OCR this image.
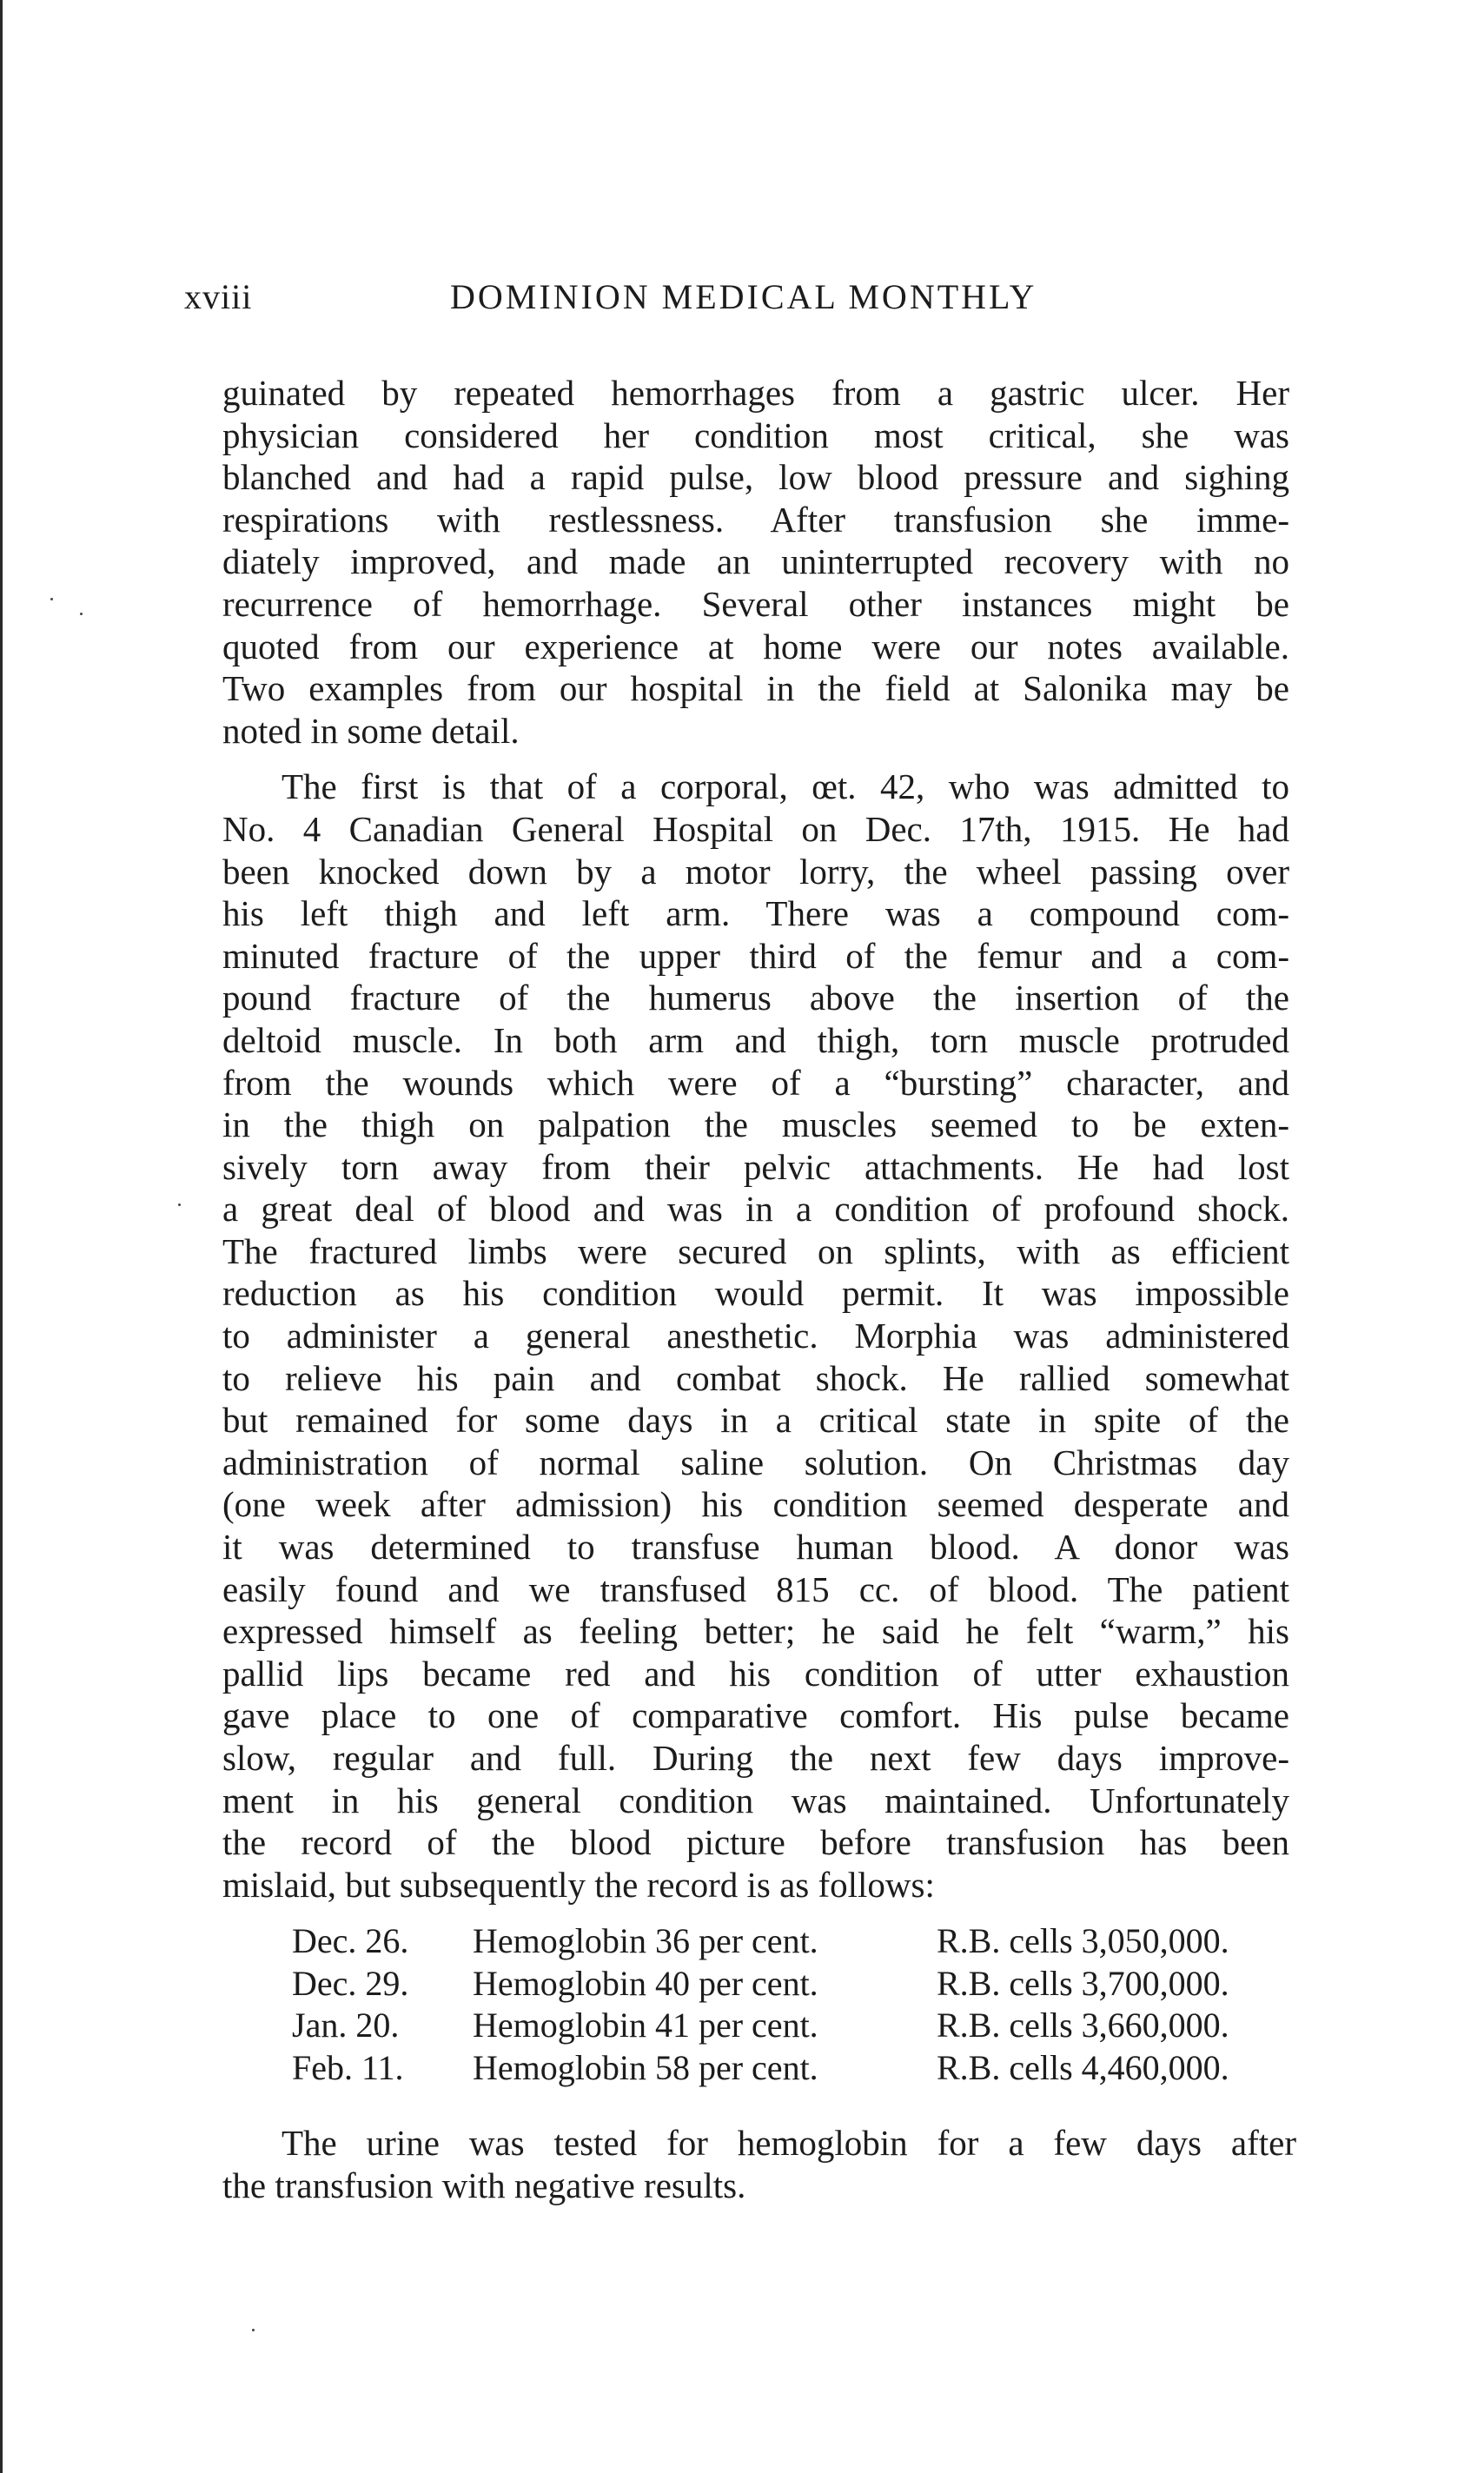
xviii	DOMINION MEDICAL MONTHLY
guinated by repeated hemorrhages from a gastric ulcer. Her
physician considered her condition most critical, she was
blanched and had a rapid pulse, low blood pressure and sighing
respirations with restlessness. After transfusion she imme-
diately improved, and made an uninterrupted recovery with no
recurrence of hemorrhage. Several other instances might be
quoted from our experience at home were our notes available.
Two examples from our hospital in the field at Salonika may be
noted in some detail.
The first is that of a corporal, œt. 42, who was admitted to
No. 4 Canadian General Hospital on Dec. 17th, 1915. He had
been knocked down by a motor lorry, the wheel passing over
his left thigh and left arm. There was a compound com-
minuted fracture of the upper third of the femur and a com-
pound fracture of the humerus above the insertion of the
deltoid muscle. In both arm and thigh, torn muscle protruded
from the wounds which were of a “bursting” character, and
in the thigh on palpation the muscles seemed to be exten-
sively torn away from their pelvic attachments. He had lost
a great deal of blood and was in a condition of profound shock.
The fractured limbs were secured on splints, with as efficient
reduction as his condition would permit. It was impossible
to administer a general anesthetic. Morphia was administered
to relieve his pain and combat shock. He rallied somewhat
but remained for some days in a critical state in spite of the
administration of normal saline solution. On Christmas day
(one week after admission) his condition seemed desperate and
it was determined to transfuse human blood. A donor was
easily found and we transfused 815 cc. of blood. The patient
expressed himself as feeling better; he said he felt “warm,” his
pallid lips became red and his condition of utter exhaustion
gave place to one of comparative comfort. His pulse became
slow, regular and full. During the next few days improve-
ment in his general condition was maintained. Unfortunately
the record of the blood picture before transfusion has been
mislaid, but subsequently the record is as follows:
Dec. 26. Hemoglobin 36 per cent.	R.B. cells 3,050,000.
Dec. 29. Hemoglobin 40 per cent.	R.B. cells 3,700,000.
Jan. 20. Hemoglobin 41 per cent.	R.B. cells 3,660,000.
Feb. 11. Hemoglobin 58 per cent.	R.B. cells 4,460,000.
The urine was tested for hemoglobin for a few days after
the transfusion with negative results.
